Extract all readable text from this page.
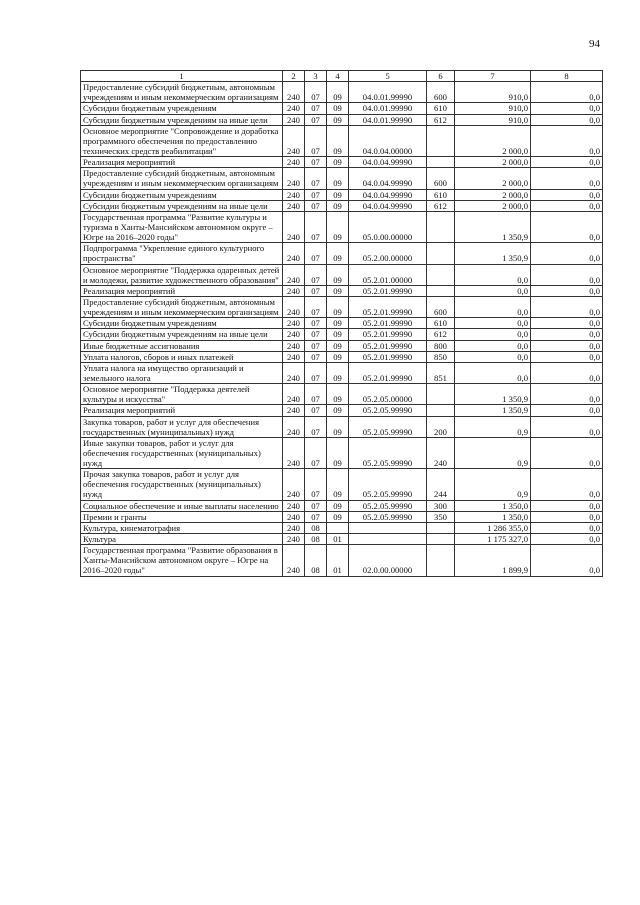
94
1	2	3	4	5	6	7	8
Предоставление субсидий бюджетным, автономным учреждениям и иным некоммерческим организациям	240	07	09	04.0.01.99990	600	910,0	0,0
Субсидии бюджетным учреждениям	240	07	09	04.0.01.99990	610	910,0	0,0
Субсидии бюджетным учреждениям на иные цели	240	07	09	04.0.01.99990	612	910,0	0,0
Основное мероприятие "Сопровождение и доработка программного обеспечения по предоставлению технических средств реабилитации"	240	07	09	04.0.04.00000		2 000,0	0,0
Реализация мероприятий	240	07	09	04.0.04.99990		2 000,0	0,0
Предоставление субсидий бюджетным, автономным учреждениям и иным некоммерческим организациям	240	07	09	04.0.04.99990	600	2 000,0	0,0
Субсидии бюджетным учреждениям	240	07	09	04.0.04.99990	610	2 000,0	0,0
Субсидии бюджетным учреждениям на иные цели	240	07	09	04.0.04.99990	612	2 000,0	0,0
Государственная программа "Развитие культуры и туризма в Ханты-Мансийском автономном округе – Югре на 2016–2020 годы"	240	07	09	05.0.00.00000		1 350,9	0,0
Подпрограмма "Укрепление единого культурного пространства"	240	07	09	05.2.00.00000		1 350,9	0,0
Основное мероприятие "Поддержка одаренных детей и молодежи, развитие художественного образования"	240	07	09	05.2.01.00000		0,0	0,0
Реализация мероприятий	240	07	09	05.2.01.99990		0,0	0,0
Предоставление субсидий бюджетным, автономным учреждениям и иным некоммерческим организациям	240	07	09	05.2.01.99990	600	0,0	0,0
Субсидии бюджетным учреждениям	240	07	09	05.2.01.99990	610	0,0	0,0
Субсидии бюджетным учреждениям на иные цели	240	07	09	05.2.01.99990	612	0,0	0,0
Иные бюджетные ассигнования	240	07	09	05.2.01.99990	800	0,0	0,0
Уплата налогов, сборов и иных платежей	240	07	09	05.2.01.99990	850	0,0	0,0
Уплата налога на имущество организаций и земельного налога	240	07	09	05.2.01.99990	851	0,0	0,0
Основное мероприятие "Поддержка деятелей культуры и искусства"	240	07	09	05.2.05.00000		1 350,9	0,0
Реализация мероприятий	240	07	09	05.2.05.99990		1 350,9	0,0
Закупка товаров, работ и услуг для обеспечения государственных (муниципальных) нужд	240	07	09	05.2.05.99990	200	0,9	0,0
Иные закупки товаров, работ и услуг для обеспечения государственных (муниципальных) нужд	240	07	09	05.2.05.99990	240	0,9	0,0
Прочая закупка товаров, работ и услуг для обеспечения государственных (муниципальных) нужд	240	07	09	05.2.05.99990	244	0,9	0,0
Социальное обеспечение и иные выплаты населению	240	07	09	05.2.05.99990	300	1 350,0	0,0
Премии и гранты	240	07	09	05.2.05.99990	350	1 350,0	0,0
Культура, кинематография	240	08				1 286 355,0	0,0
Культура	240	08	01			1 175 327,0	0,0
Государственная программа "Развитие образования в Ханты-Мансийском автономном округе – Югре на 2016–2020 годы"	240	08	01	02.0.00.00000		1 899,9	0,0
